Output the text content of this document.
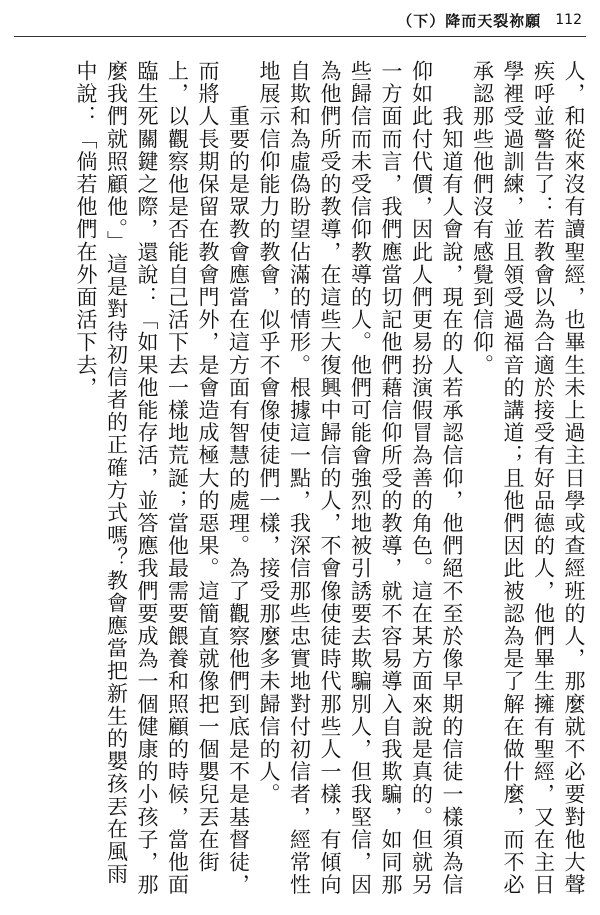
（下）降而天裂祢願 112

人，和從來沒有讀聖經，也畢生未上過主日學或查經班的人，那麼就不必要對他大聲疾呼並警告了：若教會以為合適於接受有好品德的人，他們畢生擁有聖經，又在主日學裡受過訓練，並且領受過福音的講道；且他們因此被認為是了解在做什麼，而不必承認那些他們沒有感覺到信仰。

　　我知道有人會說，現在的人若承認信仰，他們絕不至於像早期的信徒一樣須為信仰如此付代價，因此人們更易扮演假冒為善的角色。這在某方面來說是真的。但就另一方面而言，我們應當切記他們藉信仰所受的教導，就不容易導入自我欺騙，如同那些歸信而未受信仰教導的人。他們可能會強烈地被引誘要去欺騙別人，但我堅信，因為他們所受的教導，在這些大復興中歸信的人，不會像使徒時代那些人一樣，有傾向自欺和為虛偽盼望佔滿的情形。根據這一點，我深信那些忠實地對付初信者，經常性地展示信仰能力的教會，似乎不會像使徒們一樣，接受那麼多未歸信的人。

　　重要的是眾教會應當在這方面有智慧的處理。為了觀察他們到底是不是基督徒，而將人長期保留在教會門外，是會造成極大的惡果。這簡直就像把一個嬰兒丟在街上，以觀察他是否能自己活下去一樣地荒誕；當他最需要餵養和照顧的時候，當他面臨生死關鍵之際，還說：「如果他能存活，並答應我們要成為一個健康的小孩子，那麼我們就照顧他。」這是對待初信者的正確方式嗎？教會應當把新生的嬰孩丟在風雨中說：「倘若他們在外面活下去，
